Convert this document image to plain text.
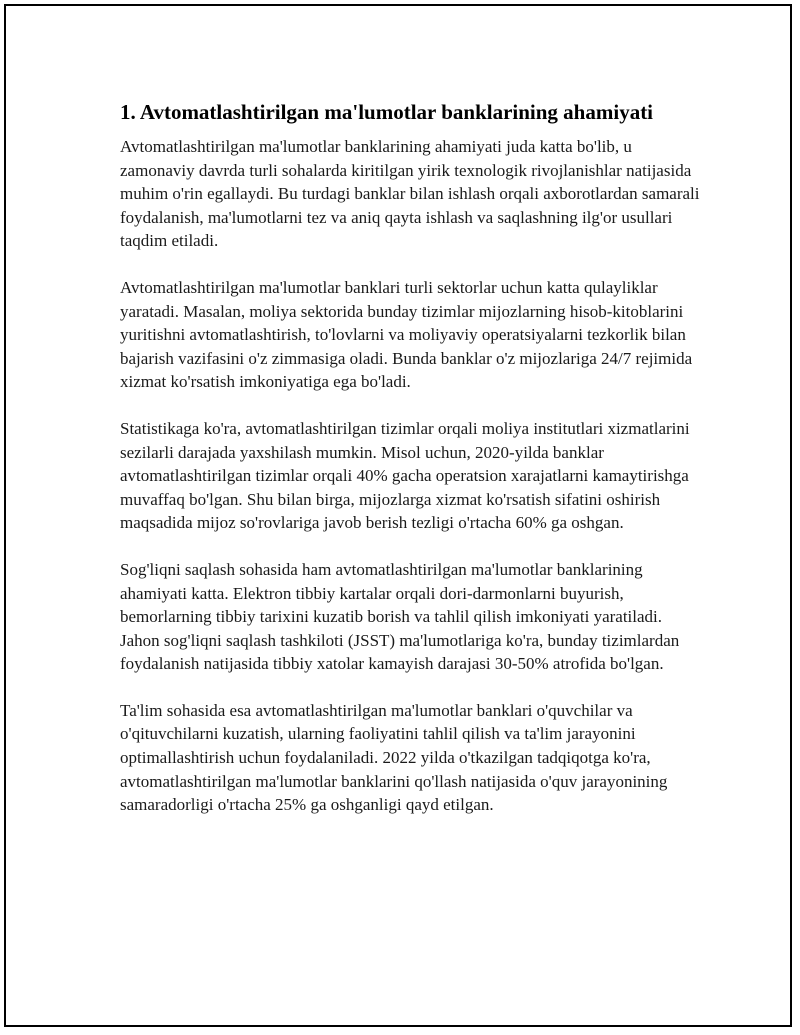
1. Avtomatlashtirilgan ma'lumotlar banklarining ahamiyati

Avtomatlashtirilgan ma'lumotlar banklarining ahamiyati juda katta bo'lib, u zamonaviy davrda turli sohalarda kiritilgan yirik texnologik rivojlanishlar natijasida muhim o'rin egallaydi. Bu turdagi banklar bilan ishlash orqali axborotlardan samarali foydalanish, ma'lumotlarni tez va aniq qayta ishlash va saqlashning ilg'or usullari taqdim etiladi.

Avtomatlashtirilgan ma'lumotlar banklari turli sektorlar uchun katta qulayliklar yaratadi. Masalan, moliya sektorida bunday tizimlar mijozlarning hisob-kitoblarini yuritishni avtomatlashtirish, to'lovlarni va moliyaviy operatsiyalarni tezkorlik bilan bajarish vazifasini o'z zimmasiga oladi. Bunda banklar o'z mijozlariga 24/7 rejimida xizmat ko'rsatish imkoniyatiga ega bo'ladi.

Statistikaga ko'ra, avtomatlashtirilgan tizimlar orqali moliya institutlari xizmatlarini sezilarli darajada yaxshilash mumkin. Misol uchun, 2020-yilda banklar avtomatlashtirilgan tizimlar orqali 40% gacha operatsion xarajatlarni kamaytirishga muvaffaq bo'lgan. Shu bilan birga, mijozlarga xizmat ko'rsatish sifatini oshirish maqsadida mijoz so'rovlariga javob berish tezligi o'rtacha 60% ga oshgan.

Sog'liqni saqlash sohasida ham avtomatlashtirilgan ma'lumotlar banklarining ahamiyati katta. Elektron tibbiy kartalar orqali dori-darmonlarni buyurish, bemorlarning tibbiy tarixini kuzatib borish va tahlil qilish imkoniyati yaratiladi. Jahon sog'liqni saqlash tashkiloti (JSST) ma'lumotlariga ko'ra, bunday tizimlardan foydalanish natijasida tibbiy xatolar kamayish darajasi 30-50% atrofida bo'lgan.

Ta'lim sohasida esa avtomatlashtirilgan ma'lumotlar banklari o'quvchilar va o'qituvchilarni kuzatish, ularning faoliyatini tahlil qilish va ta'lim jarayonini optimallashtirish uchun foydalaniladi. 2022 yilda o'tkazilgan tadqiqotga ko'ra, avtomatlashtirilgan ma'lumotlar banklarini qo'llash natijasida o'quv jarayonining samaradorligi o'rtacha 25% ga oshganligi qayd etilgan.
